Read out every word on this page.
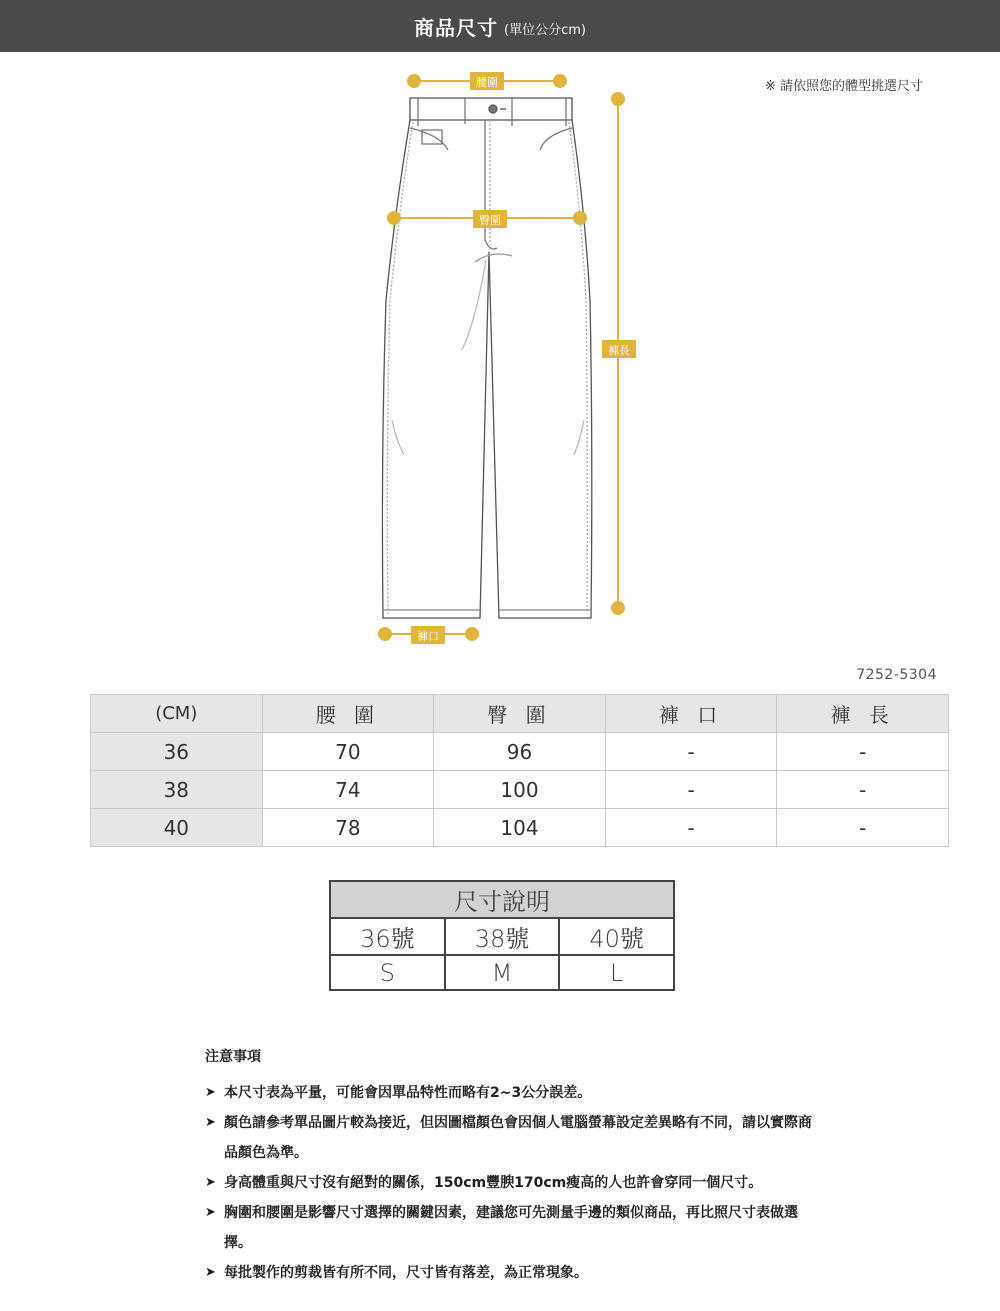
商品尺寸 (單位公分cm)
※ 請依照您的體型挑選尺寸
腰圍
臀圍
褲長
褲口
7252-5304
(CM)	腰 圍	臀 圍	褲 口	褲 長
36	70	96	-	-
38	74	100	-	-
40	78	104	-	-
尺寸說明		
36號	38號	40號
S	M	L
注意事項
➤ 本尺寸表為平量，可能會因單品特性而略有2~3公分誤差。
➤ 顏色請參考單品圖片較為接近，但因圖檔顏色會因個人電腦螢幕設定差異略有不同，請以實際商品顏色為準。
➤ 身高體重與尺寸沒有絕對的關係，150cm豐腴170cm瘦高的人也許會穿同一個尺寸。
➤ 胸圍和腰圍是影響尺寸選擇的關鍵因素，建議您可先測量手邊的類似商品，再比照尺寸表做選擇。
➤ 每批製作的剪裁皆有所不同，尺寸皆有落差，為正常現象。
